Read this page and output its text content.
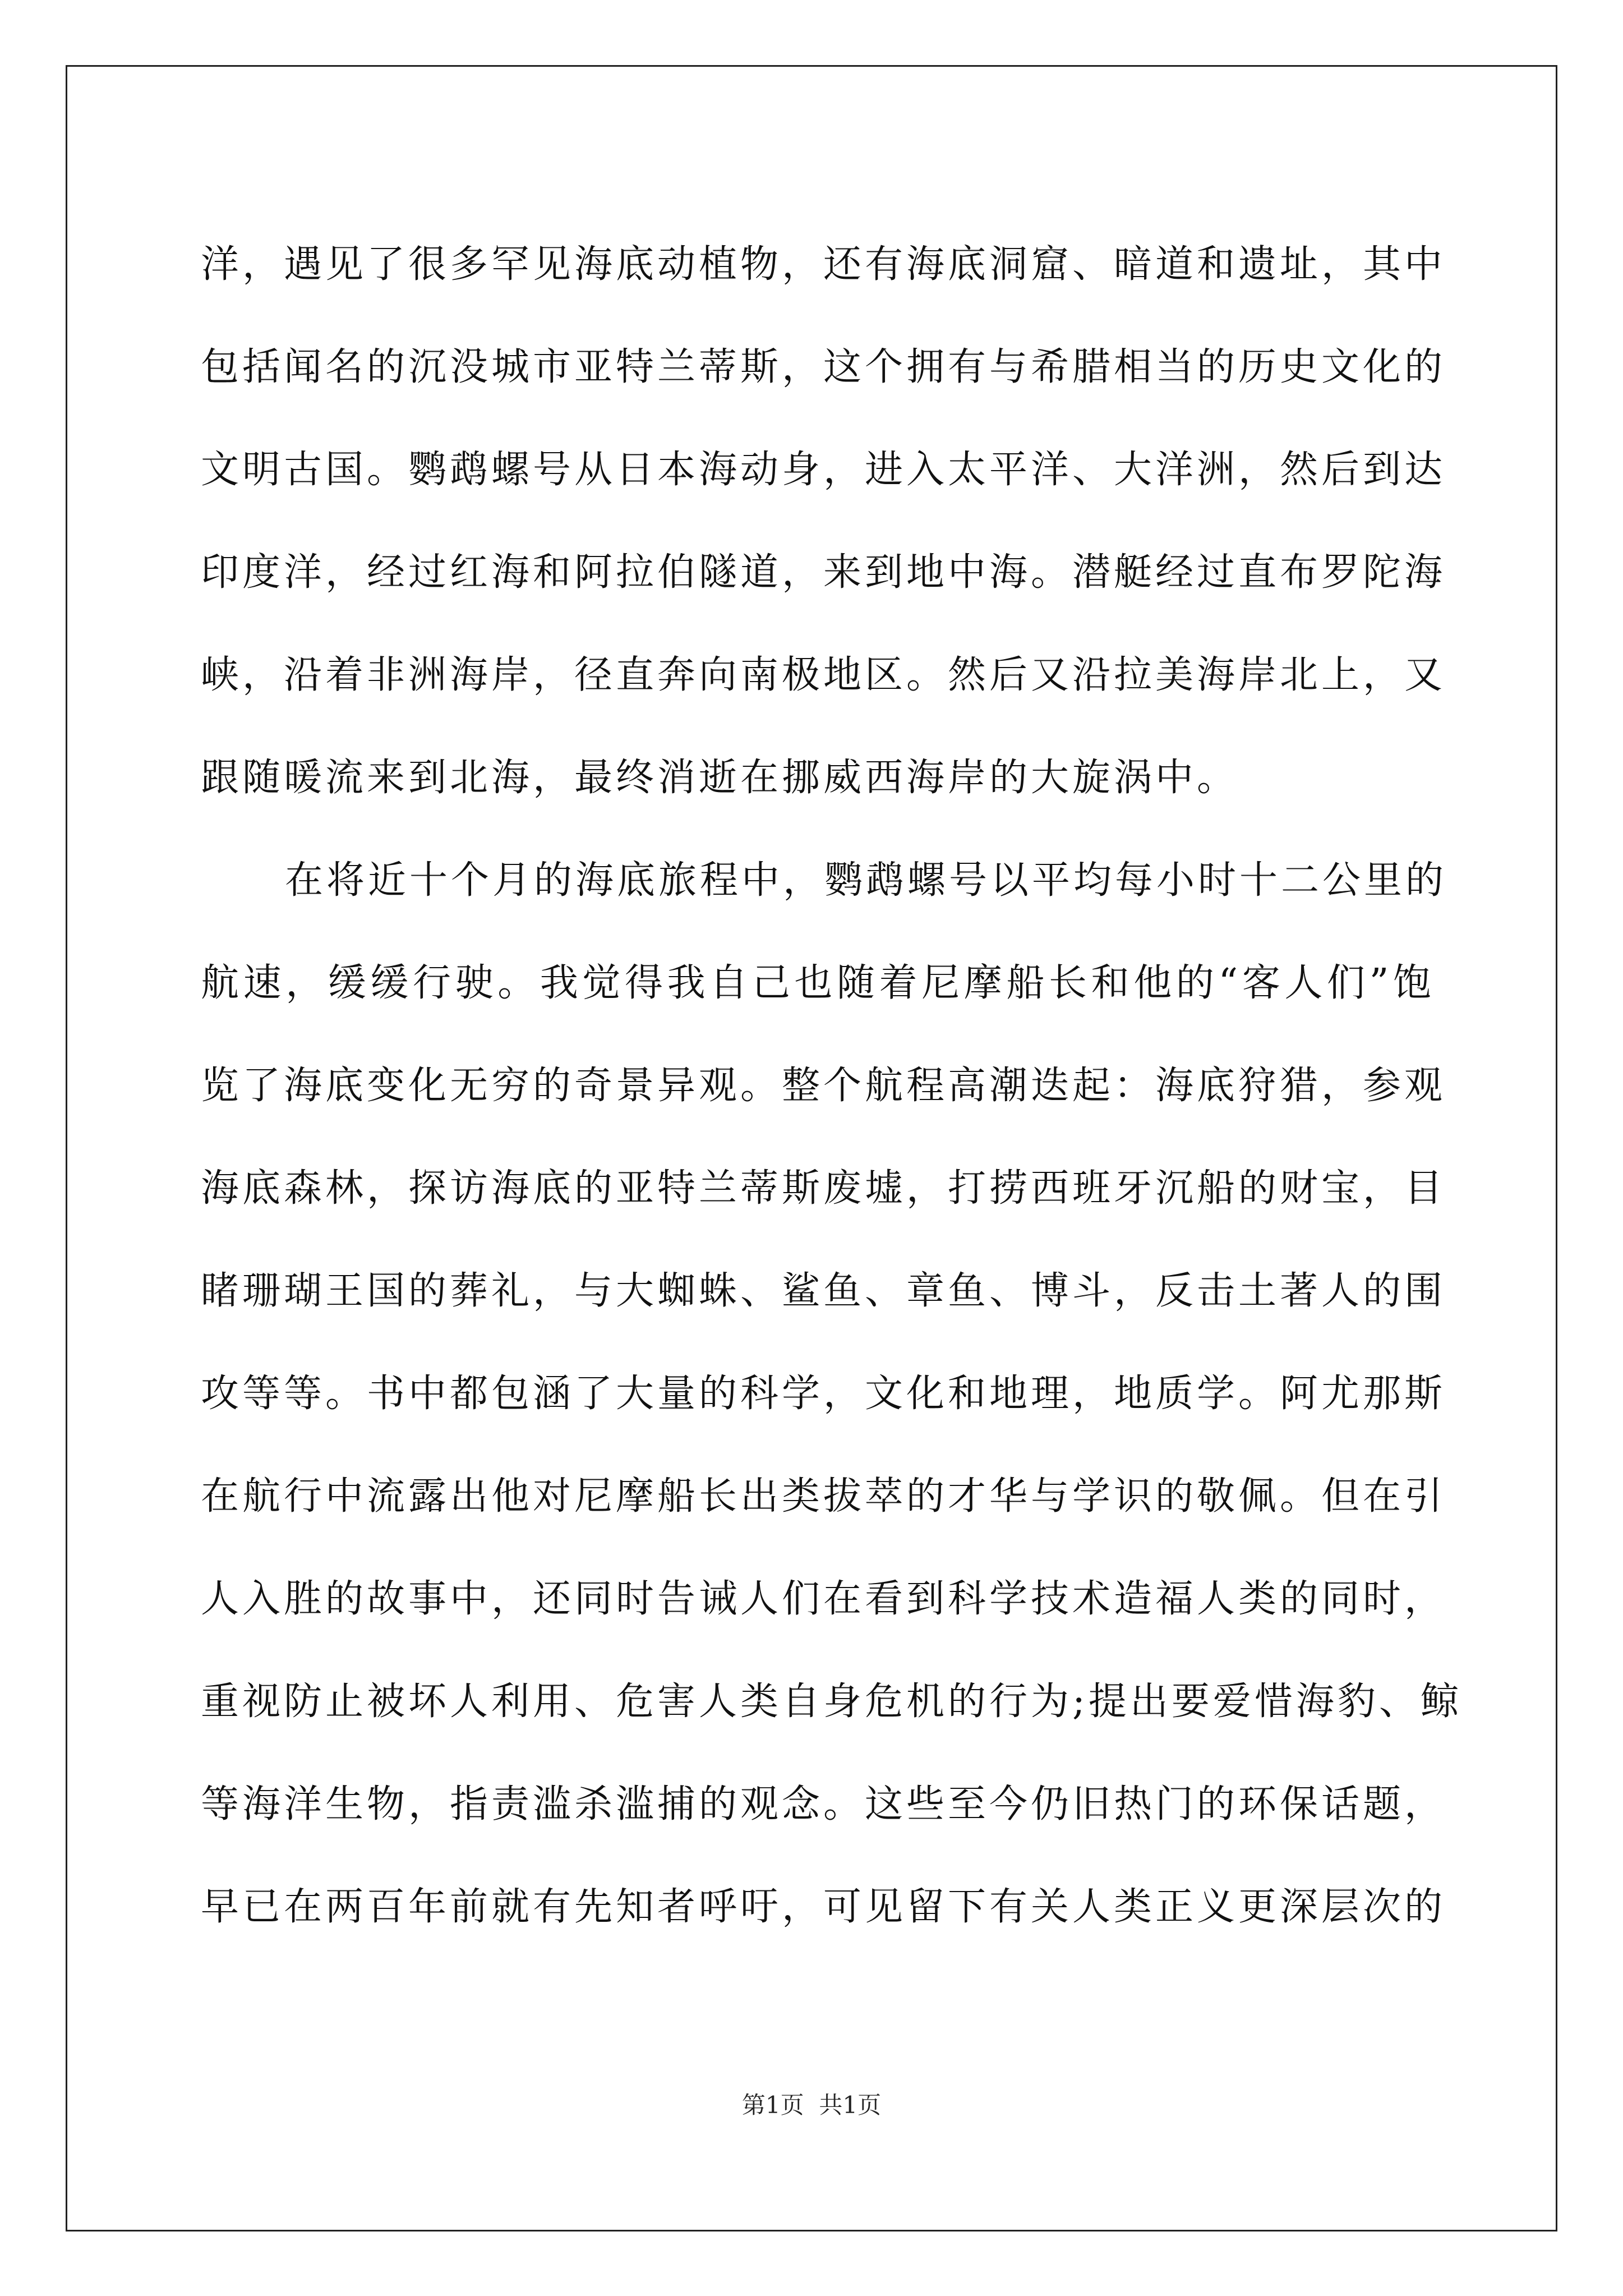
洋，遇见了很多罕见海底动植物，还有海底洞窟、暗道和遗址，其中
包括闻名的沉没城市亚特兰蒂斯，这个拥有与希腊相当的历史文化的
文明古国。鹦鹉螺号从日本海动身，进入太平洋、大洋洲，然后到达
印度洋，经过红海和阿拉伯隧道，来到地中海。潜艇经过直布罗陀海
峡，沿着非洲海岸，径直奔向南极地区。然后又沿拉美海岸北上，又
跟随暖流来到北海，最终消逝在挪威西海岸的大旋涡中。
在将近十个月的海底旅程中，鹦鹉螺号以平均每小时十二公里的
航速，缓缓行驶。我觉得我自己也随着尼摩船长和他的“客人们”饱
览了海底变化无穷的奇景异观。整个航程高潮迭起：海底狩猎，参观
海底森林，探访海底的亚特兰蒂斯废墟，打捞西班牙沉船的财宝，目
睹珊瑚王国的葬礼，与大蜘蛛、鲨鱼、章鱼、博斗，反击土著人的围
攻等等。书中都包涵了大量的科学，文化和地理，地质学。阿尤那斯
在航行中流露出他对尼摩船长出类拔萃的才华与学识的敬佩。但在引
人入胜的故事中，还同时告诫人们在看到科学技术造福人类的同时，
重视防止被坏人利用、危害人类自身危机的行为;提出要爱惜海豹、鲸
等海洋生物，指责滥杀滥捕的观念。这些至今仍旧热门的环保话题，
早已在两百年前就有先知者呼吁，可见留下有关人类正义更深层次的
第1页  共1页
